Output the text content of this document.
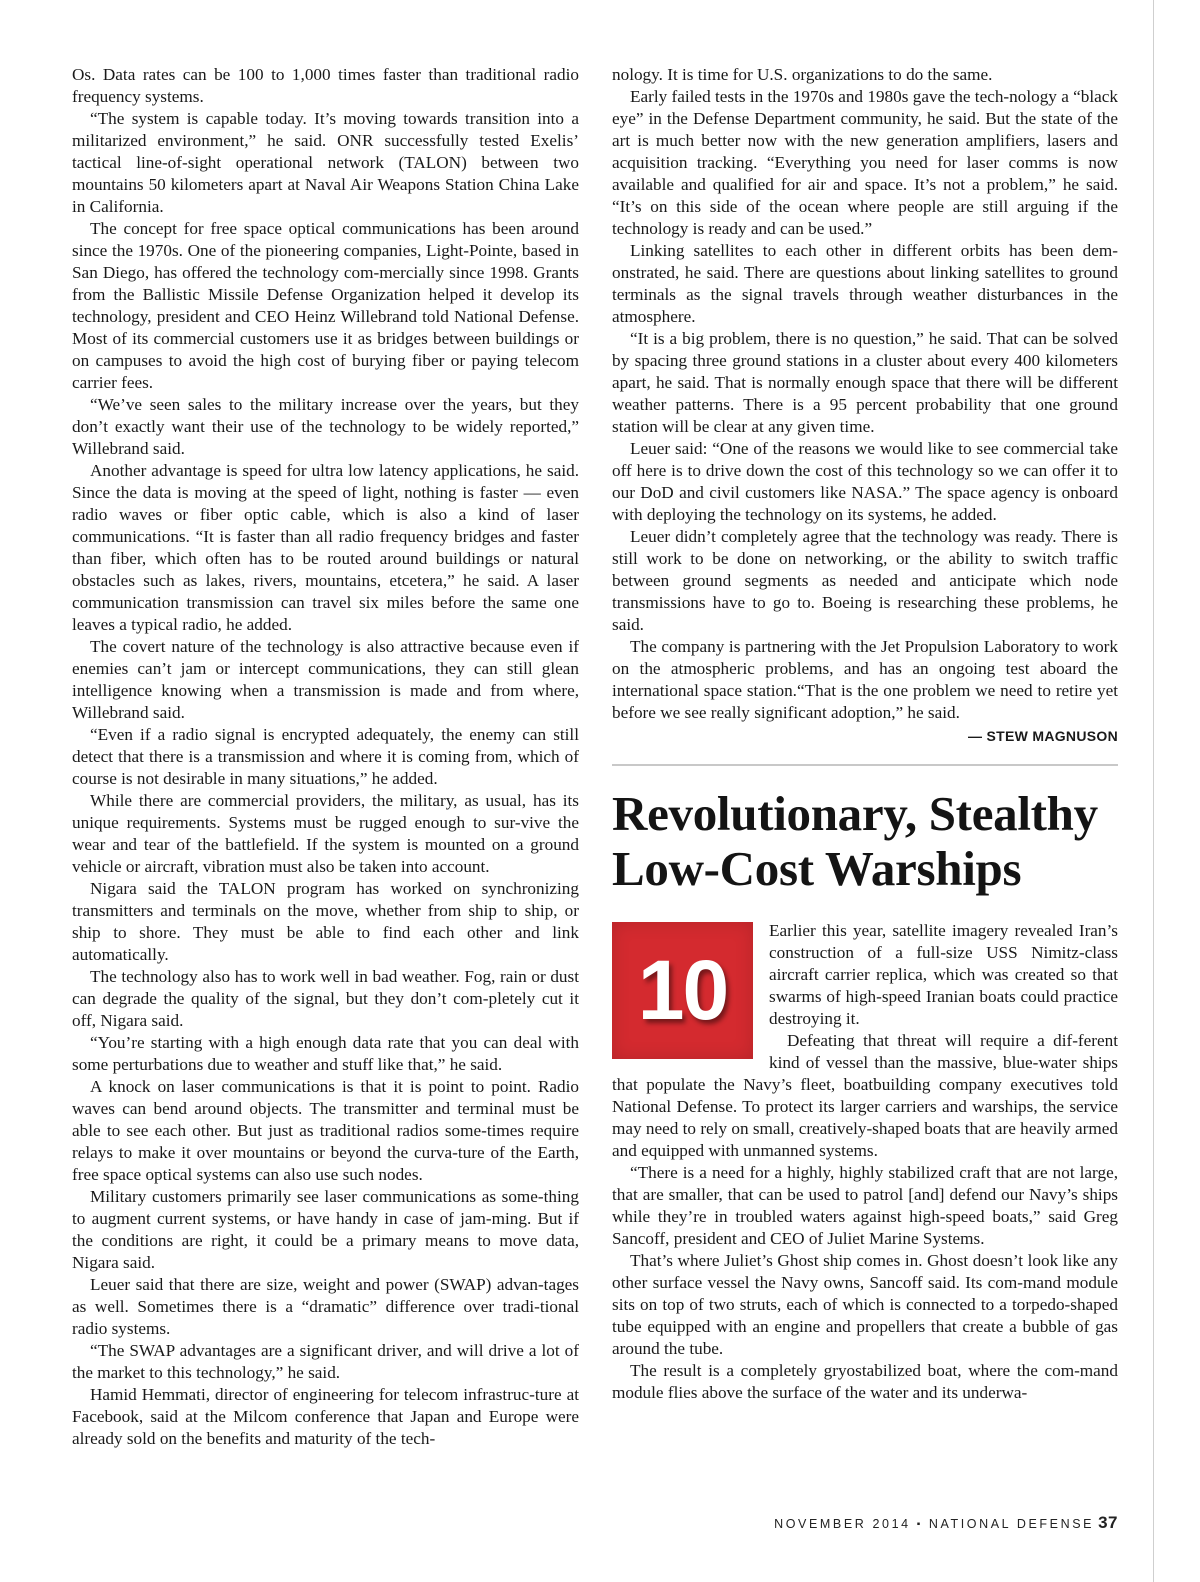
Os. Data rates can be 100 to 1,000 times faster than traditional radio frequency systems.

“The system is capable today. It’s moving towards transition into a militarized environment,” he said. ONR successfully tested Exelis’ tactical line-of-sight operational network (TALON) between two mountains 50 kilometers apart at Naval Air Weapons Station China Lake in California.

The concept for free space optical communications has been around since the 1970s. One of the pioneering companies, Light-Pointe, based in San Diego, has offered the technology com-mercially since 1998. Grants from the Ballistic Missile Defense Organization helped it develop its technology, president and CEO Heinz Willebrand told National Defense. Most of its commercial customers use it as bridges between buildings or on campuses to avoid the high cost of burying fiber or paying telecom carrier fees.

“We’ve seen sales to the military increase over the years, but they don’t exactly want their use of the technology to be widely reported,” Willebrand said.

Another advantage is speed for ultra low latency applications, he said. Since the data is moving at the speed of light, nothing is faster — even radio waves or fiber optic cable, which is also a kind of laser communications. “It is faster than all radio frequency bridges and faster than fiber, which often has to be routed around buildings or natural obstacles such as lakes, rivers, mountains, etcetera,” he said. A laser communication transmission can travel six miles before the same one leaves a typical radio, he added.

The covert nature of the technology is also attractive because even if enemies can’t jam or intercept communications, they can still glean intelligence knowing when a transmission is made and from where, Willebrand said.

“Even if a radio signal is encrypted adequately, the enemy can still detect that there is a transmission and where it is coming from, which of course is not desirable in many situations,” he added.

While there are commercial providers, the military, as usual, has its unique requirements. Systems must be rugged enough to sur-vive the wear and tear of the battlefield. If the system is mounted on a ground vehicle or aircraft, vibration must also be taken into account.

Nigara said the TALON program has worked on synchronizing transmitters and terminals on the move, whether from ship to ship, or ship to shore. They must be able to find each other and link automatically.

The technology also has to work well in bad weather. Fog, rain or dust can degrade the quality of the signal, but they don’t com-pletely cut it off, Nigara said.

“You’re starting with a high enough data rate that you can deal with some perturbations due to weather and stuff like that,” he said.

A knock on laser communications is that it is point to point. Radio waves can bend around objects. The transmitter and terminal must be able to see each other. But just as traditional radios some-times require relays to make it over mountains or beyond the curva-ture of the Earth, free space optical systems can also use such nodes.

Military customers primarily see laser communications as some-thing to augment current systems, or have handy in case of jam-ming. But if the conditions are right, it could be a primary means to move data, Nigara said.

Leuer said that there are size, weight and power (SWAP) advan-tages as well. Sometimes there is a “dramatic” difference over tradi-tional radio systems.

“The SWAP advantages are a significant driver, and will drive a lot of the market to this technology,” he said.

Hamid Hemmati, director of engineering for telecom infrastruc-ture at Facebook, said at the Milcom conference that Japan and Europe were already sold on the benefits and maturity of the tech-

nology. It is time for U.S. organizations to do the same.

Early failed tests in the 1970s and 1980s gave the tech-nology a “black eye” in the Defense Department community, he said. But the state of the art is much better now with the new generation amplifiers, lasers and acquisition tracking. “Everything you need for laser comms is now available and qualified for air and space. It’s not a problem,” he said. “It’s on this side of the ocean where people are still arguing if the technology is ready and can be used.”

Linking satellites to each other in different orbits has been dem-onstrated, he said. There are questions about linking satellites to ground terminals as the signal travels through weather disturbances in the atmosphere.

“It is a big problem, there is no question,” he said. That can be solved by spacing three ground stations in a cluster about every 400 kilometers apart, he said. That is normally enough space that there will be different weather patterns. There is a 95 percent probability that one ground station will be clear at any given time.

Leuer said: “One of the reasons we would like to see commercial take off here is to drive down the cost of this technology so we can offer it to our DoD and civil customers like NASA.” The space agency is onboard with deploying the technology on its systems, he added.

Leuer didn’t completely agree that the technology was ready. There is still work to be done on networking, or the ability to switch traffic between ground segments as needed and anticipate which node transmissions have to go to. Boeing is researching these problems, he said.

The company is partnering with the Jet Propulsion Laboratory to work on the atmospheric problems, and has an ongoing test aboard the international space station.“That is the one problem we need to retire yet before we see really significant adoption,” he said.

— STEW MAGNUSON
Revolutionary, Stealthy
Low-Cost Warships
10

Earlier this year, satellite imagery revealed Iran’s construction of a full-size USS Nimitz-class aircraft carrier replica, which was created so that swarms of high-speed Iranian boats could practice destroying it.

Defeating that threat will require a dif-ferent kind of vessel than the massive, blue-water ships that populate the Navy’s fleet, boatbuilding company executives told National Defense. To protect its larger carriers and warships, the service may need to rely on small, creatively-shaped boats that are heavily armed and equipped with unmanned systems.

“There is a need for a highly, highly stabilized craft that are not large, that are smaller, that can be used to patrol [and] defend our Navy’s ships while they’re in troubled waters against high-speed boats,” said Greg Sancoff, president and CEO of Juliet Marine Systems.

That’s where Juliet’s Ghost ship comes in. Ghost doesn’t look like any other surface vessel the Navy owns, Sancoff said. Its com-mand module sits on top of two struts, each of which is connected to a torpedo-shaped tube equipped with an engine and propellers that create a bubble of gas around the tube.

The result is a completely gryostabilized boat, where the com-mand module flies above the surface of the water and its underwa-

NOVEMBER 2014 ▪ NATIONAL DEFENSE 37
